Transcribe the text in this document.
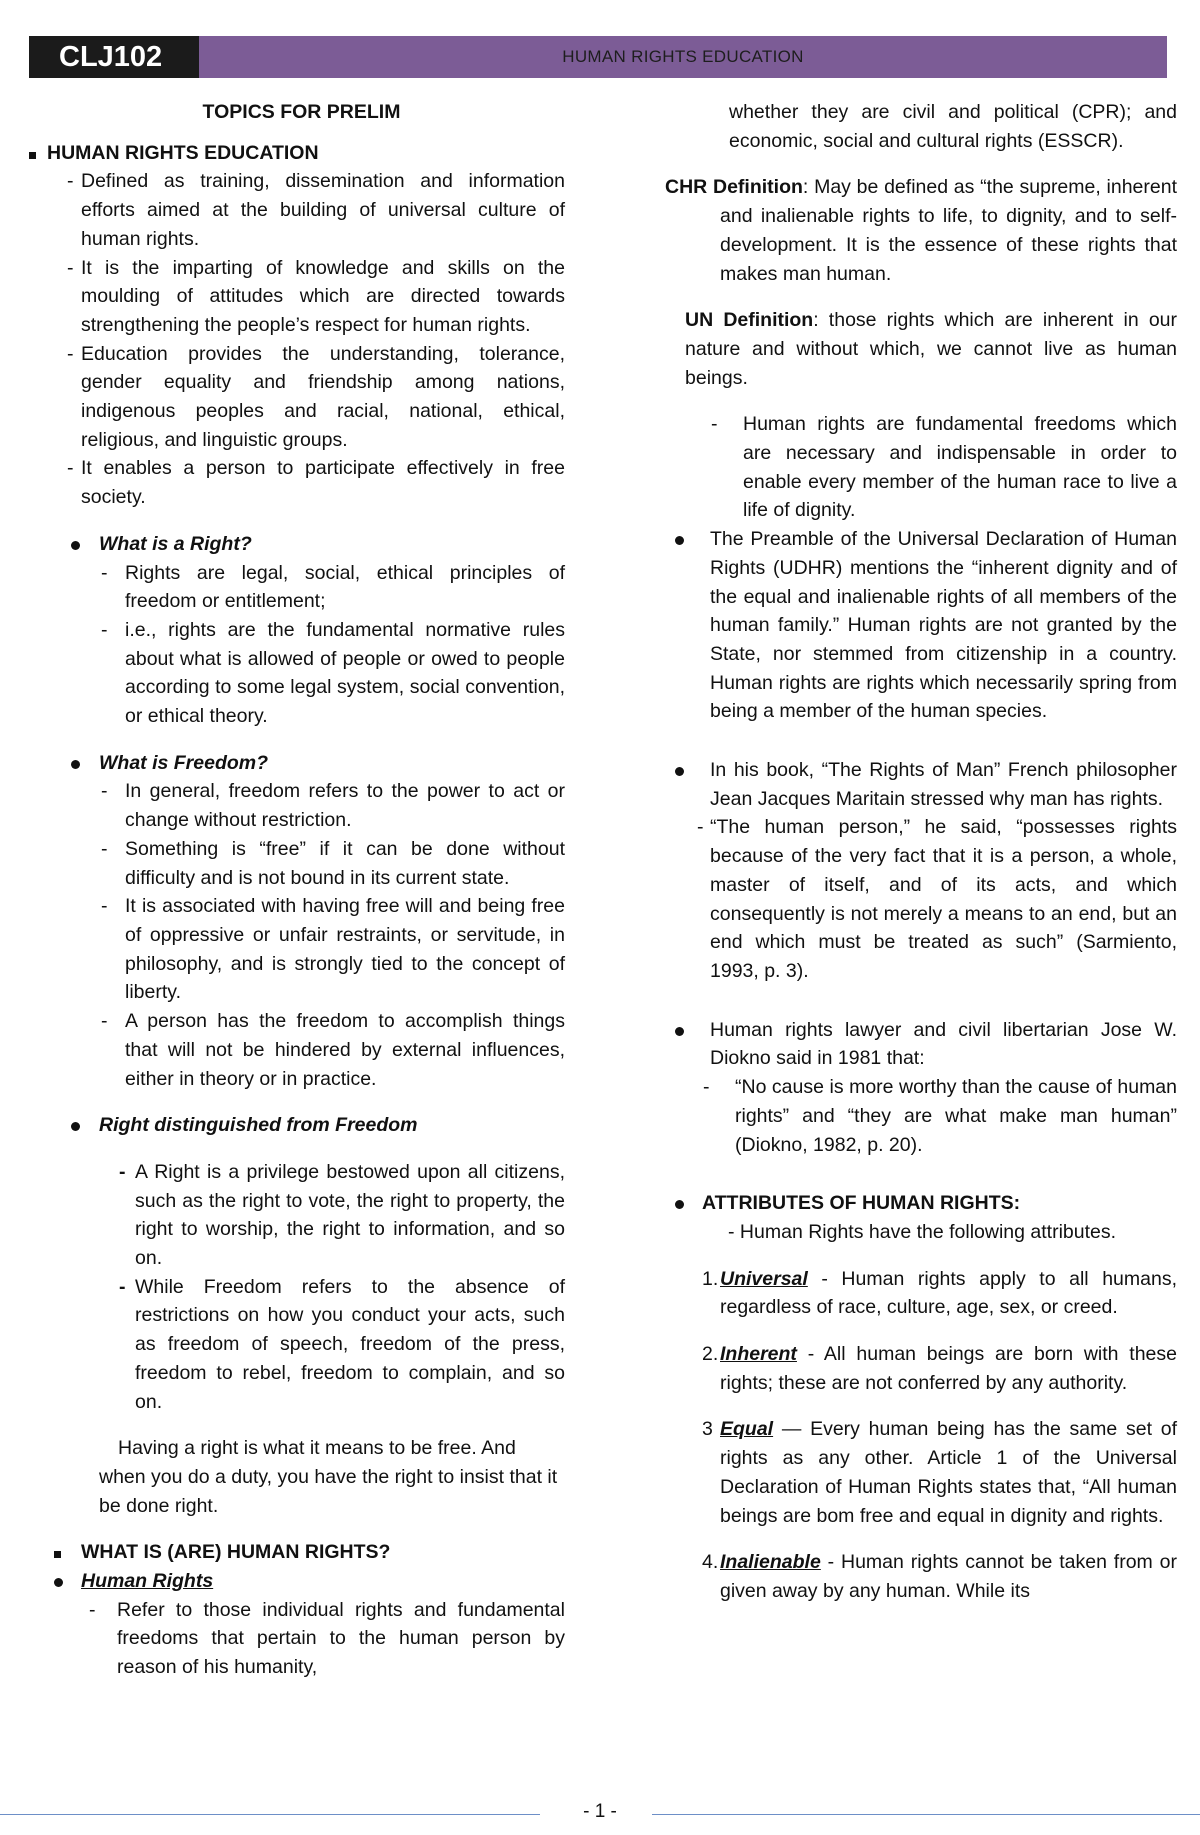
CLJ102	HUMAN RIGHTS EDUCATION

TOPICS FOR PRELIM

HUMAN RIGHTS EDUCATION

- Defined as training, dissemination and information efforts aimed at the building of universal culture of human rights.

- It is the imparting of knowledge and skills on the moulding of attitudes which are directed towards strengthening the people’s respect for human rights.

- Education provides the understanding, tolerance, gender equality and friendship among nations, indigenous peoples and racial, national, ethical, religious, and linguistic groups.

- It enables a person to participate effectively in free society.

What is a Right?

- Rights are legal, social, ethical principles of freedom or entitlement;

- i.e., rights are the fundamental normative rules about what is allowed of people or owed to people according to some legal system, social convention, or ethical theory.

What is Freedom?

- In general, freedom refers to the power to act or change without restriction.

- Something is “free” if it can be done without difficulty and is not bound in its current state.

- It is associated with having free will and being free of oppressive or unfair restraints, or servitude, in philosophy, and is strongly tied to the concept of liberty.

- A person has the freedom to accomplish things that will not be hindered by external influences, either in theory or in practice.

Right distinguished from Freedom

- A Right is a privilege bestowed upon all citizens, such as the right to vote, the right to property, the right to worship, the right to information, and so on.

- While Freedom refers to the absence of restrictions on how you conduct your acts, such as freedom of speech, freedom of the press, freedom to rebel, freedom to complain, and so on.

Having a right is what it means to be free. And when you do a duty, you have the right to insist that it be done right.

WHAT IS (ARE) HUMAN RIGHTS?

Human Rights

- Refer to those individual rights and fundamental freedoms that pertain to the human person by reason of his humanity,

whether they are civil and political (CPR); and economic, social and cultural rights (ESSCR).

CHR Definition: May be defined as “the supreme, inherent and inalienable rights to life, to dignity, and to self-development. It is the essence of these rights that makes man human.

UN Definition: those rights which are inherent in our nature and without which, we cannot live as human beings.

- Human rights are fundamental freedoms which are necessary and indispensable in order to enable every member of the human race to live a life of dignity.

The Preamble of the Universal Declaration of Human Rights (UDHR) mentions the “inherent dignity and of the equal and inalienable rights of all members of the human family.” Human rights are not granted by the State, nor stemmed from citizenship in a country. Human rights are rights which necessarily spring from being a member of the human species.

In his book, “The Rights of Man” French philosopher Jean Jacques Maritain stressed why man has rights.

- “The human person,” he said, “possesses rights because of the very fact that it is a person, a whole, master of itself, and of its acts, and which consequently is not merely a means to an end, but an end which must be treated as such” (Sarmiento, 1993, p. 3).

Human rights lawyer and civil libertarian Jose W. Diokno said in 1981 that:

- “No cause is more worthy than the cause of human rights” and “they are what make man human” (Diokno, 1982, p. 20).

ATTRIBUTES OF HUMAN RIGHTS:

- Human Rights have the following attributes.

1. Universal - Human rights apply to all humans, regardless of race, culture, age, sex, or creed.

2. Inherent - All human beings are born with these rights; these are not conferred by any authority.

3 Equal — Every human being has the same set of rights as any other. Article 1 of the Universal Declaration of Human Rights states that, “All human beings are bom free and equal in dignity and rights.

4. Inalienable - Human rights cannot be taken from or given away by any human. While its

- 1 -
